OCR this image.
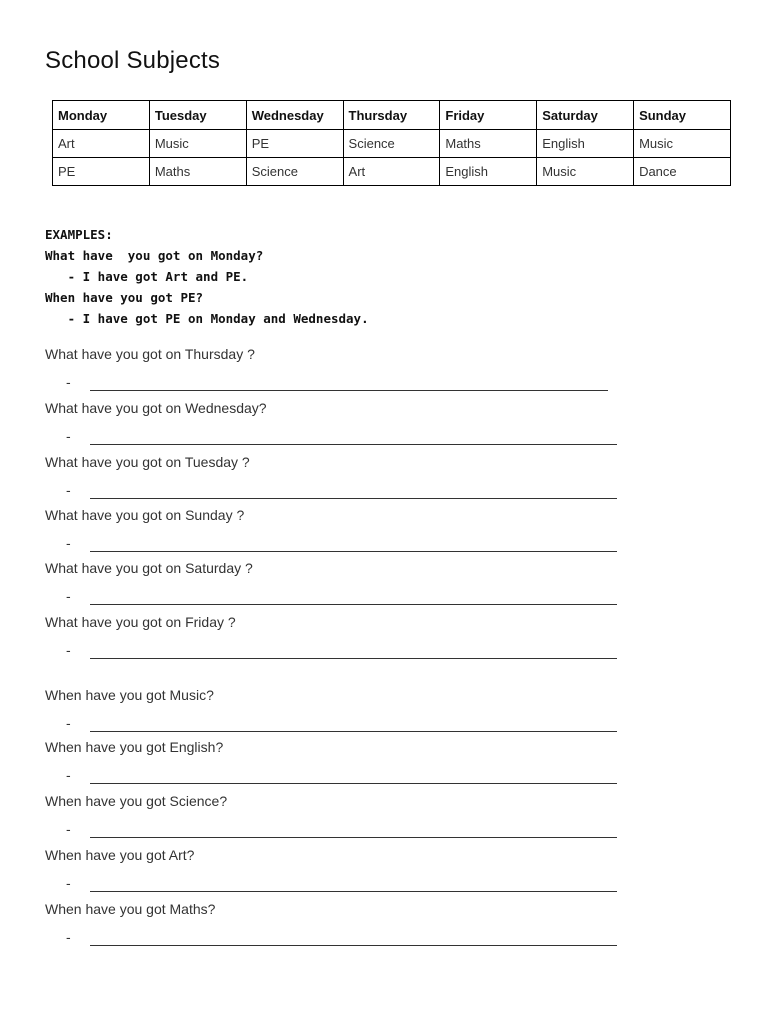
School Subjects
Monday	Tuesday	Wednesday	Thursday	Friday	Saturday	Sunday
Art	Music	PE	Science	Maths	English	Music
PE	Maths	Science	Art	English	Music	Dance
EXAMPLES:
What have  you got on Monday?
- I have got Art and PE.
When have you got PE?
- I have got PE on Monday and Wednesday.
What have you got on Thursday ?
-
What have you got on Wednesday?
-
What have you got on Tuesday ?
-
What have you got on Sunday ?
-
What have you got on Saturday ?
-
What have you got on Friday ?
-
When have you got Music?
-
When have you got English?
-
When have you got Science?
-
When have you got Art?
-
When have you got Maths?
-
